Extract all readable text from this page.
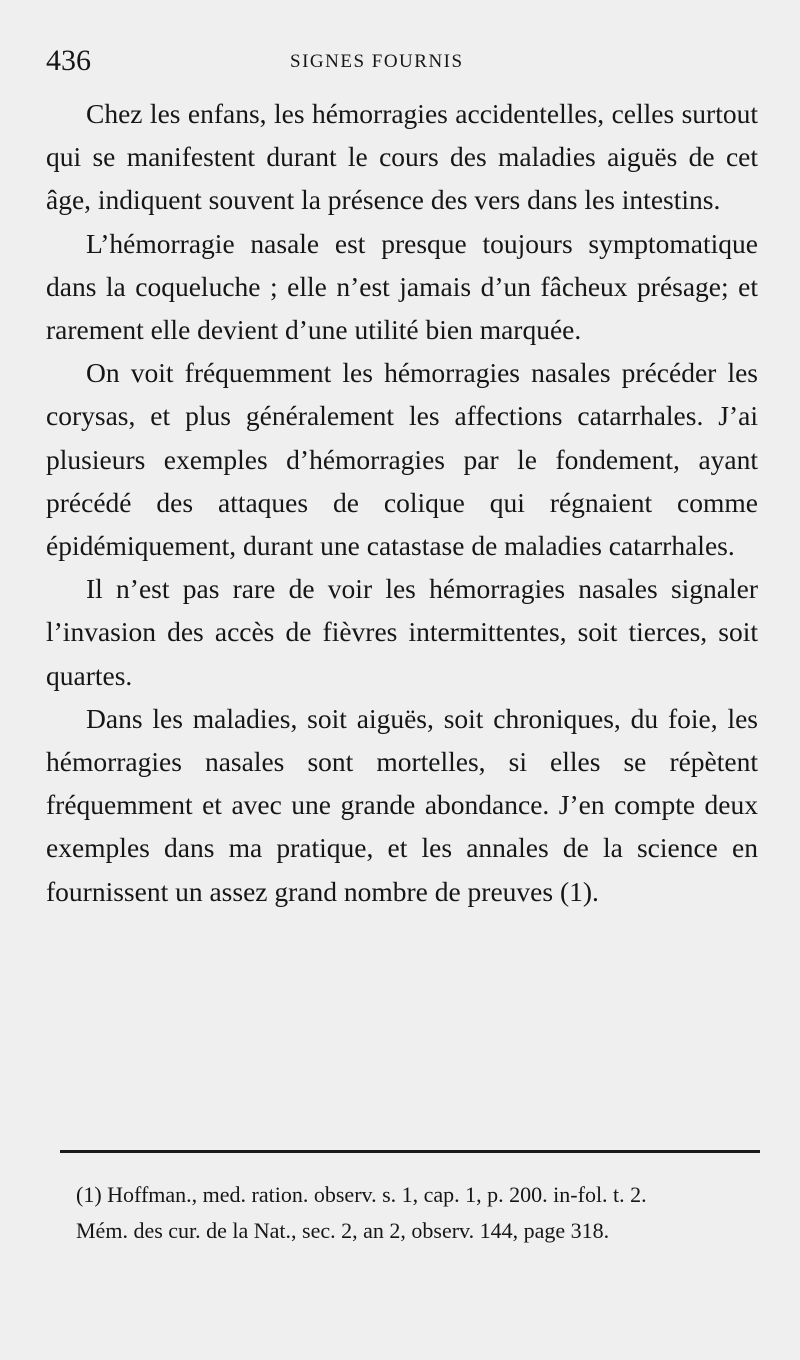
436	SIGNES FOURNIS

Chez les enfans, les hémorragies accidentelles, celles surtout qui se manifestent durant le cours des maladies aiguës de cet âge, indiquent souvent la présence des vers dans les intestins.

L’hémorragie nasale est presque toujours symptomatique dans la coqueluche ; elle n’est jamais d’un fâcheux présage; et rarement elle devient d’une utilité bien marquée.

On voit fréquemment les hémorragies nasales précéder les corysas, et plus généralement les affections catarrhales. J’ai plusieurs exemples d’hémorragies par le fondement, ayant précédé des attaques de colique qui régnaient comme épidémiquement, durant une catastase de maladies catarrhales.

Il n’est pas rare de voir les hémorragies nasales signaler l’invasion des accès de fièvres intermittentes, soit tierces, soit quartes.

Dans les maladies, soit aiguës, soit chroniques, du foie, les hémorragies nasales sont mortelles, si elles se répètent fréquemment et avec une grande abondance. J’en compte deux exemples dans ma pratique, et les annales de la science en fournissent un assez grand nombre de preuves (1).

(1) Hoffman., med. ration. observ. s. 1, cap. 1, p. 200. in-fol. t. 2.

Mém. des cur. de la Nat., sec. 2, an 2, observ. 144, page 318.
